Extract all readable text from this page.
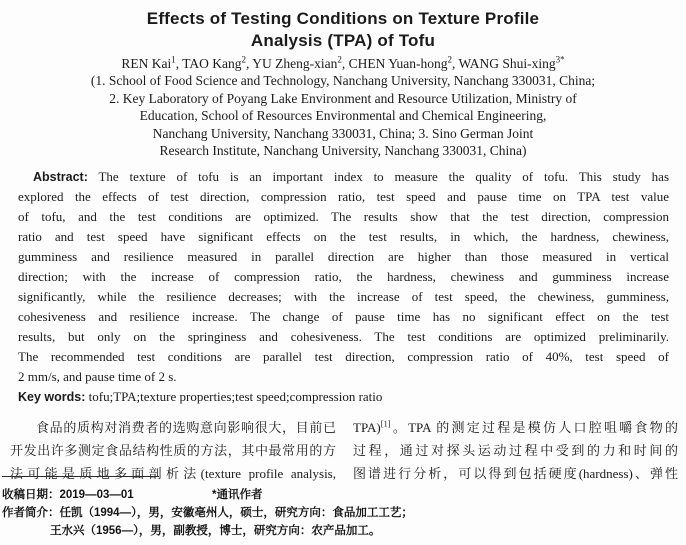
Effects of Testing Conditions on Texture Profile
Analysis (TPA) of Tofu
REN Kai$^1$, TAO Kang$^2$, YU Zheng-xian$^2$, CHEN Yuan-hong$^2$, WANG Shui-xing$^{3*}$
(1. School of Food Science and Technology, Nanchang University, Nanchang 330031, China;
2. Key Laboratory of Poyang Lake Environment and Resource Utilization, Ministry of
Education, School of Resources Environmental and Chemical Engineering,
Nanchang University, Nanchang 330031, China; 3. Sino German Joint
Research Institute, Nanchang University, Nanchang 330031, China)
Abstract: The texture of tofu is an important index to measure the quality of tofu. This study has
explored the effects of test direction, compression ratio, test speed and pause time on TPA test value
of tofu, and the test conditions are optimized. The results show that the test direction, compression
ratio and test speed have significant effects on the test results, in which, the hardness, chewiness,
gumminess and resilience measured in parallel direction are higher than those measured in vertical
direction; with the increase of compression ratio, the hardness, chewiness and gumminess increase
significantly, while the resilience decreases; with the increase of test speed, the chewiness, gumminess,
cohesiveness and resilience increase. The change of pause time has no significant effect on the test
results, but only on the springiness and cohesiveness. The test conditions are optimized preliminarily.
The recommended test conditions are parallel test direction, compression ratio of 40%, test speed of
2 mm/s, and pause time of 2 s.
Key words: tofu;TPA;texture properties;test speed;compression ratio
食品的质构对消费者的选购意向影响很大，目前已
开发出许多测定食品结构性质的方法，其中最常用的方
法可能是质地多面剖析法(texture profile analysis,
TPA)[1]。TPA 的测定过程是模仿人口腔咀嚼食物的
过程，通过对探头运动过程中受到的力和时间的
图谱进行分析，可以得到包括硬度(hardness)、弹性
收稿日期：2019—03—01	*通讯作者
作者简介：任凯（1994—），男，安徽亳州人，硕士，研究方向：食品加工工艺；
王水兴（1956—），男，副教授，博士，研究方向：农产品加工。
